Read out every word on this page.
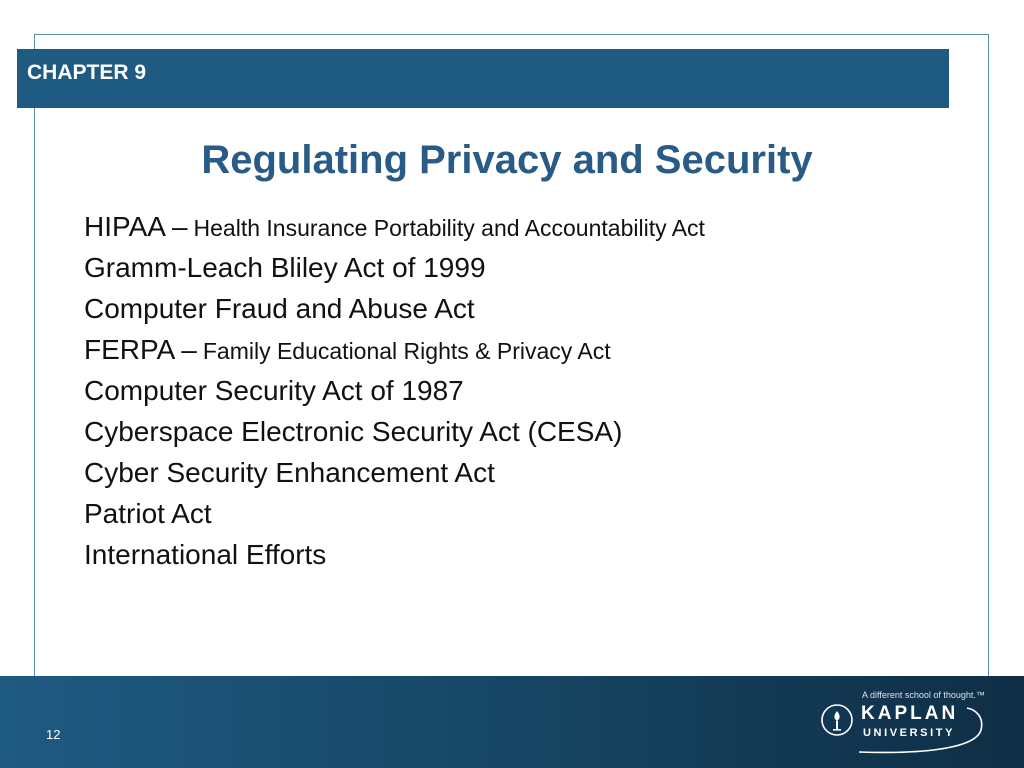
CHAPTER 9
Regulating Privacy and Security
HIPAA – Health Insurance Portability and Accountability Act
Gramm-Leach Bliley Act of 1999
Computer Fraud and Abuse Act
FERPA – Family Educational Rights & Privacy Act
Computer Security Act of 1987
Cyberspace Electronic Security Act (CESA)
Cyber Security Enhancement Act
Patriot Act
International Efforts
12
A different school of thought.™
KAPLAN
UNIVERSITY
